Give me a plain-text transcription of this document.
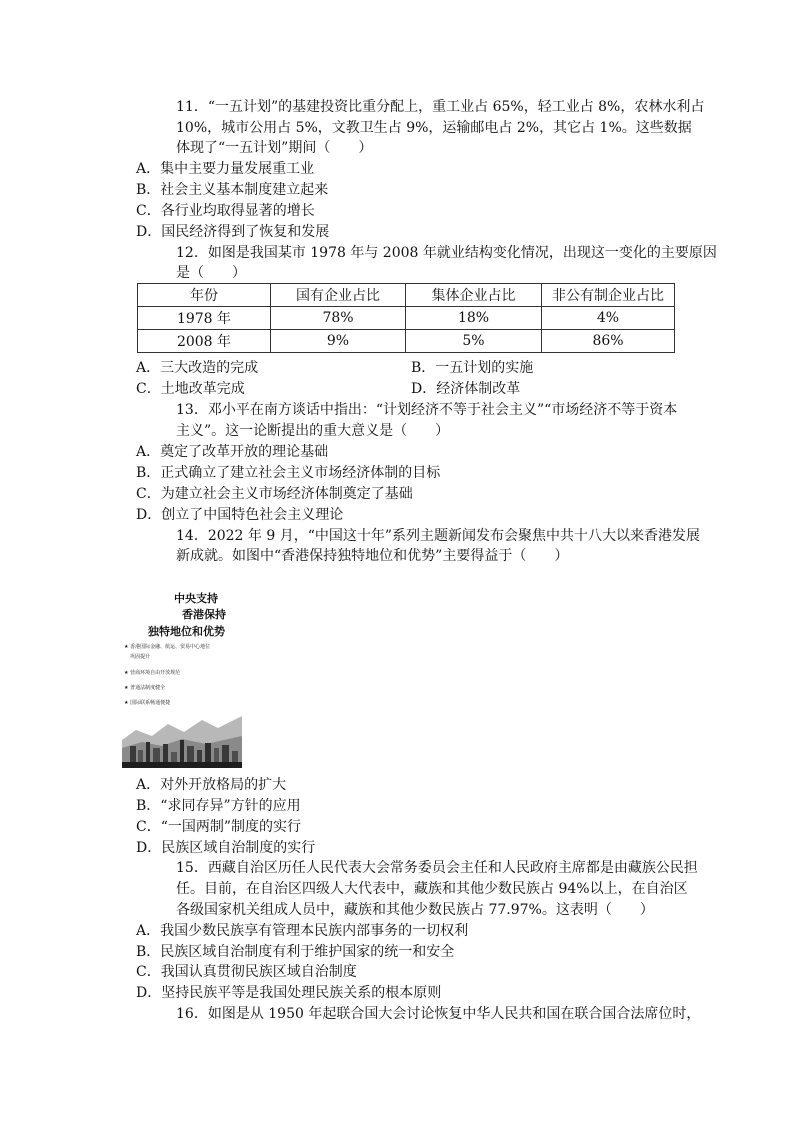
11．“一五计划”的基建投资比重分配上，重工业占 65%，轻工业占 8%，农林水利占
10%，城市公用占 5%，文教卫生占 9%，运输邮电占 2%，其它占 1%。这些数据
体现了“一五计划”期间（　　）
A．集中主要力量发展重工业
B．社会主义基本制度建立起来
C．各行业均取得显著的增长
D．国民经济得到了恢复和发展
12．如图是我国某市 1978 年与 2008 年就业结构变化情况，出现这一变化的主要原因
是（　　）
年份	国有企业占比	集体企业占比	非公有制企业占比
1978 年	78%	18%	4%
2008 年	9%	5%	86%
A．三大改造的完成	B．一五计划的实施
C．土地改革完成	D．经济体制改革
13．邓小平在南方谈话中指出：“计划经济不等于社会主义”“市场经济不等于资本
主义”。这一论断提出的重大意义是（　　）
A．奠定了改革开放的理论基础
B．正式确立了建立社会主义市场经济体制的目标
C．为建立社会主义市场经济体制奠定了基础
D．创立了中国特色社会主义理论
14．2022 年 9 月，“中国这十年”系列主题新闻发布会聚焦中共十八大以来香港发展
新成就。如图中“香港保持独特地位和优势”主要得益于（　　）
中央支持
香港保持
独特地位和优势
★ 香港国际金融、航运、贸易中心地位
巩固提升
★ 营商环境自由开放规范
★ 普通法制度健全
★ 国际联系畅通便捷
A．对外开放格局的扩大
B．“求同存异”方针的应用
C．“一国两制”制度的实行
D．民族区域自治制度的实行
15．西藏自治区历任人民代表大会常务委员会主任和人民政府主席都是由藏族公民担
任。目前，在自治区四级人大代表中，藏族和其他少数民族占 94%以上，在自治区
各级国家机关组成人员中，藏族和其他少数民族占 77.97%。这表明（　　）
A．我国少数民族享有管理本民族内部事务的一切权利
B．民族区域自治制度有利于维护国家的统一和安全
C．我国认真贯彻民族区域自治制度
D．坚持民族平等是我国处理民族关系的根本原则
16．如图是从 1950 年起联合国大会讨论恢复中华人民共和国在联合国合法席位时，
